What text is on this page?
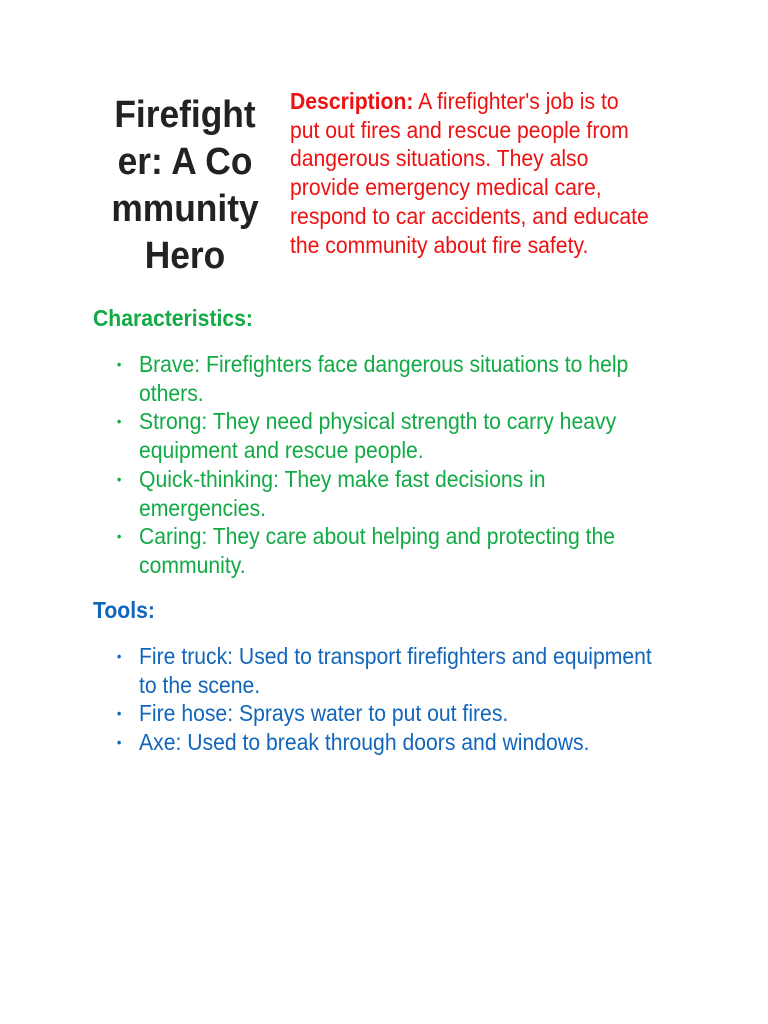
Firefighter: A Community Hero

Description: A firefighter's job is to put out fires and rescue people from dangerous situations. They also provide emergency medical care, respond to car accidents, and educate the community about fire safety.

Characteristics:
• Brave: Firefighters face dangerous situations to help others.
• Strong: They need physical strength to carry heavy equipment and rescue people.
• Quick-thinking: They make fast decisions in emergencies.
• Caring: They care about helping and protecting the community.
Tools:
• Fire truck: Used to transport firefighters and equipment to the scene.
• Fire hose: Sprays water to put out fires.
• Axe: Used to break through doors and windows.
